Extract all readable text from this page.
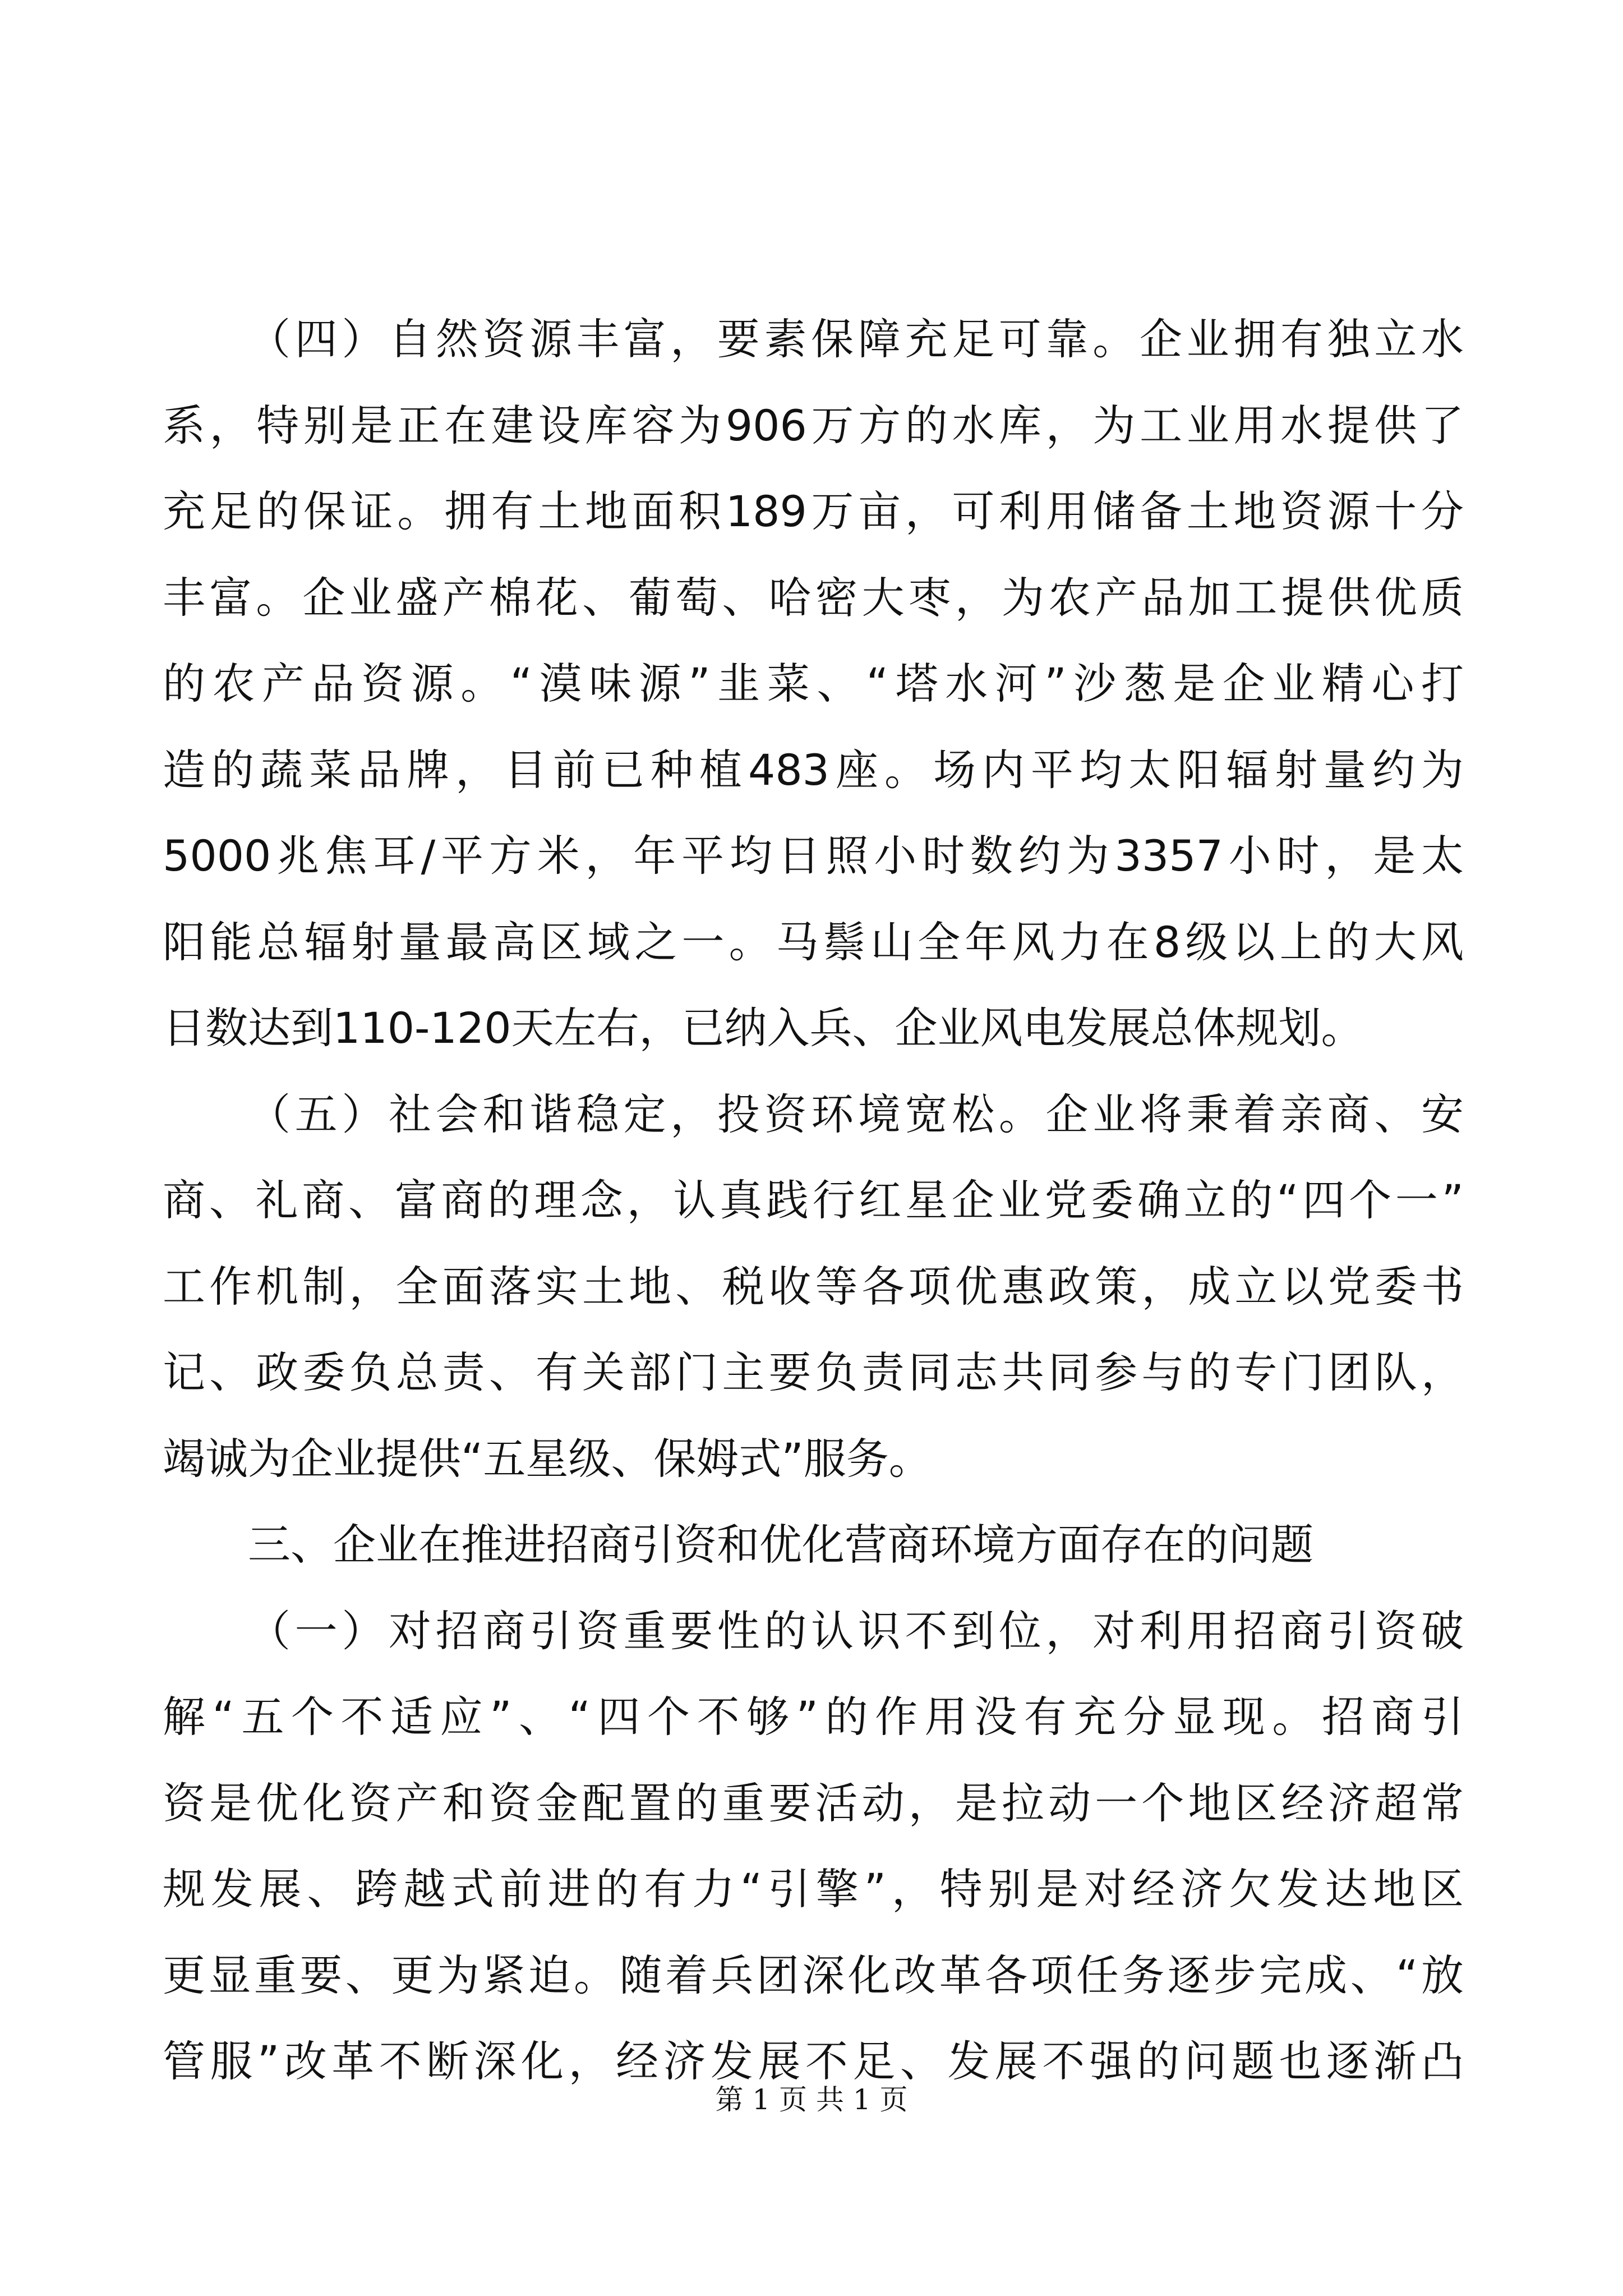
（四）自然资源丰富，要素保障充足可靠。企业拥有独立水
系，特别是正在建设库容为906万方的水库，为工业用水提供了
充足的保证。拥有土地面积189万亩，可利用储备土地资源十分
丰富。企业盛产棉花、葡萄、哈密大枣，为农产品加工提供优质
的农产品资源。“漠味源”韭菜、“塔水河”沙葱是企业精心打
造的蔬菜品牌，目前已种植483座。场内平均太阳辐射量约为
5000兆焦耳/平方米，年平均日照小时数约为3357小时，是太
阳能总辐射量最高区域之一。马鬃山全年风力在8级以上的大风
日数达到110-120天左右，已纳入兵、企业风电发展总体规划。
（五）社会和谐稳定，投资环境宽松。企业将秉着亲商、安
商、礼商、富商的理念，认真践行红星企业党委确立的“四个一”
工作机制，全面落实土地、税收等各项优惠政策，成立以党委书
记、政委负总责、有关部门主要负责同志共同参与的专门团队，
竭诚为企业提供“五星级、保姆式”服务。
三、企业在推进招商引资和优化营商环境方面存在的问题
（一）对招商引资重要性的认识不到位，对利用招商引资破
解“五个不适应”、“四个不够”的作用没有充分显现。招商引
资是优化资产和资金配置的重要活动，是拉动一个地区经济超常
规发展、跨越式前进的有力“引擎”，特别是对经济欠发达地区
更显重要、更为紧迫。随着兵团深化改革各项任务逐步完成、“放
管服”改革不断深化，经济发展不足、发展不强的问题也逐渐凸
第 1 页 共 1 页
